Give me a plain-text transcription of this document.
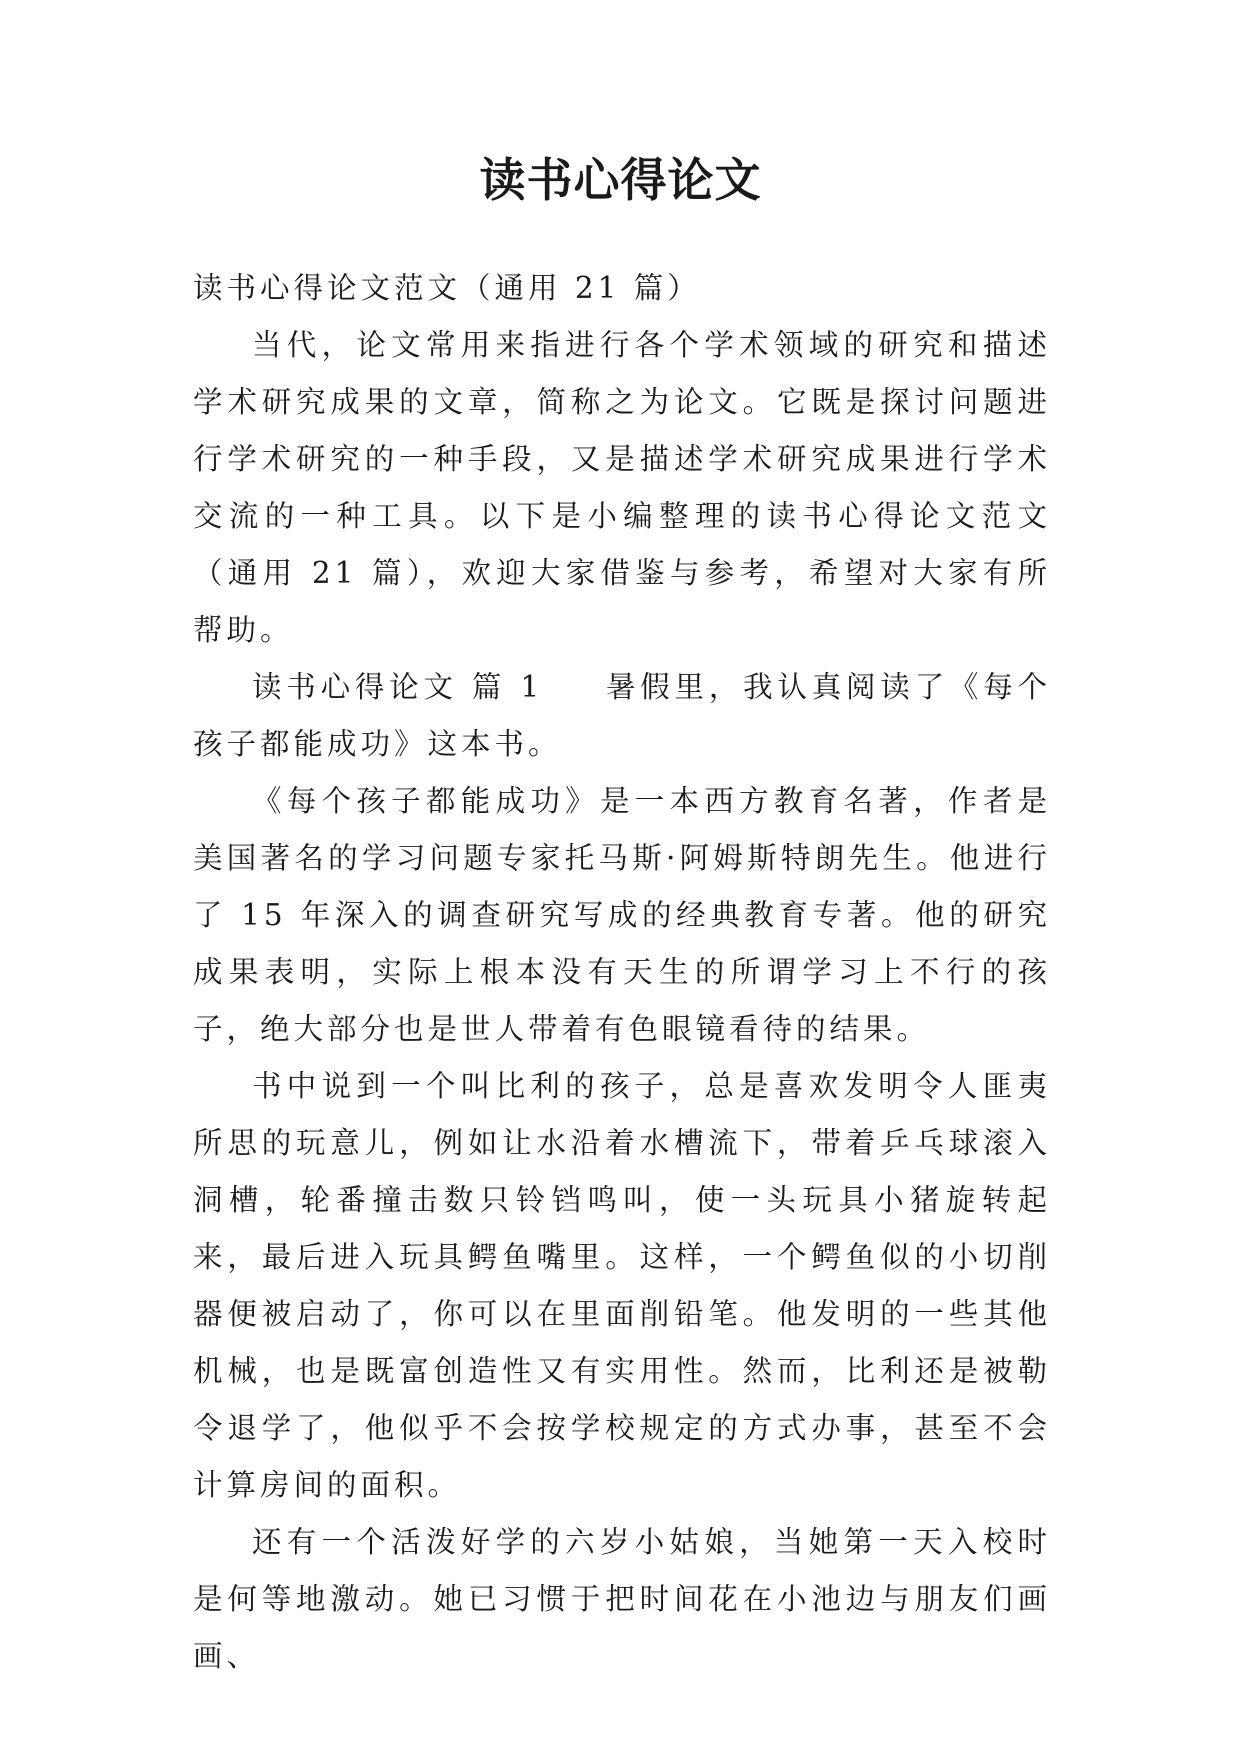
读书心得论文

读书心得论文范文（通用 21 篇）

当代，论文常用来指进行各个学术领域的研究和描述学术研究成果的文章，简称之为论文。它既是探讨问题进行学术研究的一种手段，又是描述学术研究成果进行学术交流的一种工具。以下是小编整理的读书心得论文范文（通用 21 篇），欢迎大家借鉴与参考，希望对大家有所帮助。

读书心得论文 篇 1 暑假里，我认真阅读了《每个孩子都能成功》这本书。

《每个孩子都能成功》是一本西方教育名著，作者是美国著名的学习问题专家托马斯·阿姆斯特朗先生。他进行了 15 年深入的调查研究写成的经典教育专著。他的研究成果表明，实际上根本没有天生的所谓学习上不行的孩子，绝大部分也是世人带着有色眼镜看待的结果。

书中说到一个叫比利的孩子，总是喜欢发明令人匪夷所思的玩意儿，例如让水沿着水槽流下，带着乒乓球滚入洞槽，轮番撞击数只铃铛鸣叫，使一头玩具小猪旋转起来，最后进入玩具鳄鱼嘴里。这样，一个鳄鱼似的小切削器便被启动了，你可以在里面削铅笔。他发明的一些其他机械，也是既富创造性又有实用性。然而，比利还是被勒令退学了，他似乎不会按学校规定的方式办事，甚至不会计算房间的面积。

还有一个活泼好学的六岁小姑娘，当她第一天入校时是何等地激动。她已习惯于把时间花在小池边与朋友们画画、
